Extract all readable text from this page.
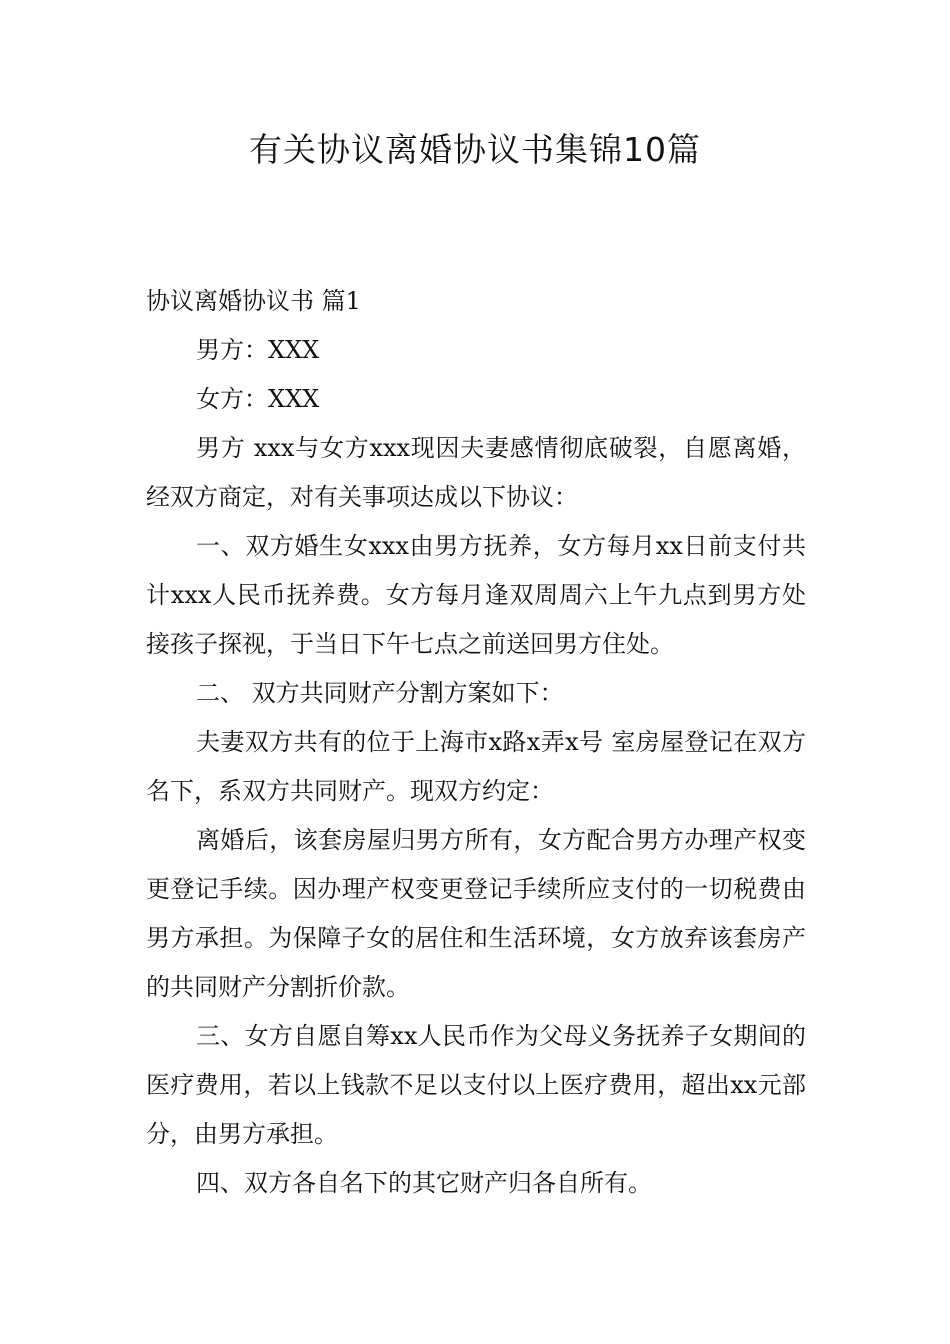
有关协议离婚协议书集锦10篇

协议离婚协议书 篇1

男方：XXX

女方：XXX

男方 xxx与女方xxx现因夫妻感情彻底破裂，自愿离婚，经双方商定，对有关事项达成以下协议：

一、双方婚生女xxx由男方抚养，女方每月xx日前支付共计xxx人民币抚养费。女方每月逢双周周六上午九点到男方处接孩子探视，于当日下午七点之前送回男方住处。

二、 双方共同财产分割方案如下：

夫妻双方共有的位于上海市x路x弄x号 室房屋登记在双方名下，系双方共同财产。现双方约定：

离婚后，该套房屋归男方所有，女方配合男方办理产权变更登记手续。因办理产权变更登记手续所应支付的一切税费由男方承担。为保障子女的居住和生活环境，女方放弃该套房产的共同财产分割折价款。

三、女方自愿自筹xx人民币作为父母义务抚养子女期间的医疗费用，若以上钱款不足以支付以上医疗费用，超出xx元部分，由男方承担。

四、双方各自名下的其它财产归各自所有。
